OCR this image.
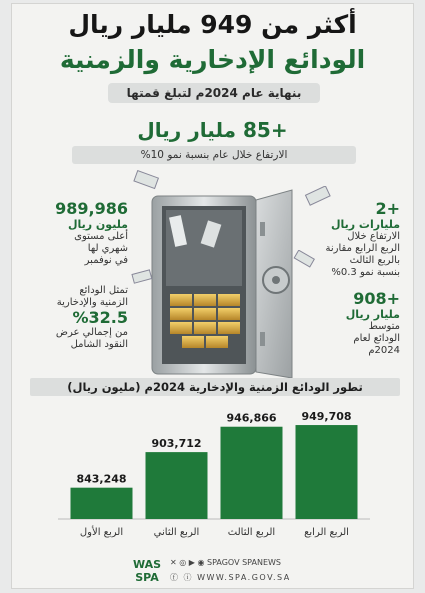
أكثر من 949 مليار ريال
الودائع الإدخارية والزمنية
بنهاية عام 2024م لتبلغ قمتها
+85 مليار ريال
الارتفاع خلال عام بنسبة نمو 10%
989,986
مليون ريال
أعلى مستوى
شهري لها
في نوفمبر
تمثل الودائع
الزمنية والإدخارية
%32.5
من إجمالي عرض
النقود الشامل
+2
مليارات ريال
الارتفاع خلال
الربع الرابع مقارنة
بالربع الثالث
بنسبة نمو 0.3%
+908
مليار ريال
متوسط
الودائع لعام
2024م
تطور الودائع الزمنية والإدخارية 2024م (مليون ريال)
843,248
الربع الأول
903,712
الربع الثاني
946,866
الربع الثالث
949,708
الربع الرابع
WAS
SPA
✕ ◎ ▶ ◉ SPAGOV SPANEWS
ⓕ ⓘ WWW.SPA.GOV.SA
